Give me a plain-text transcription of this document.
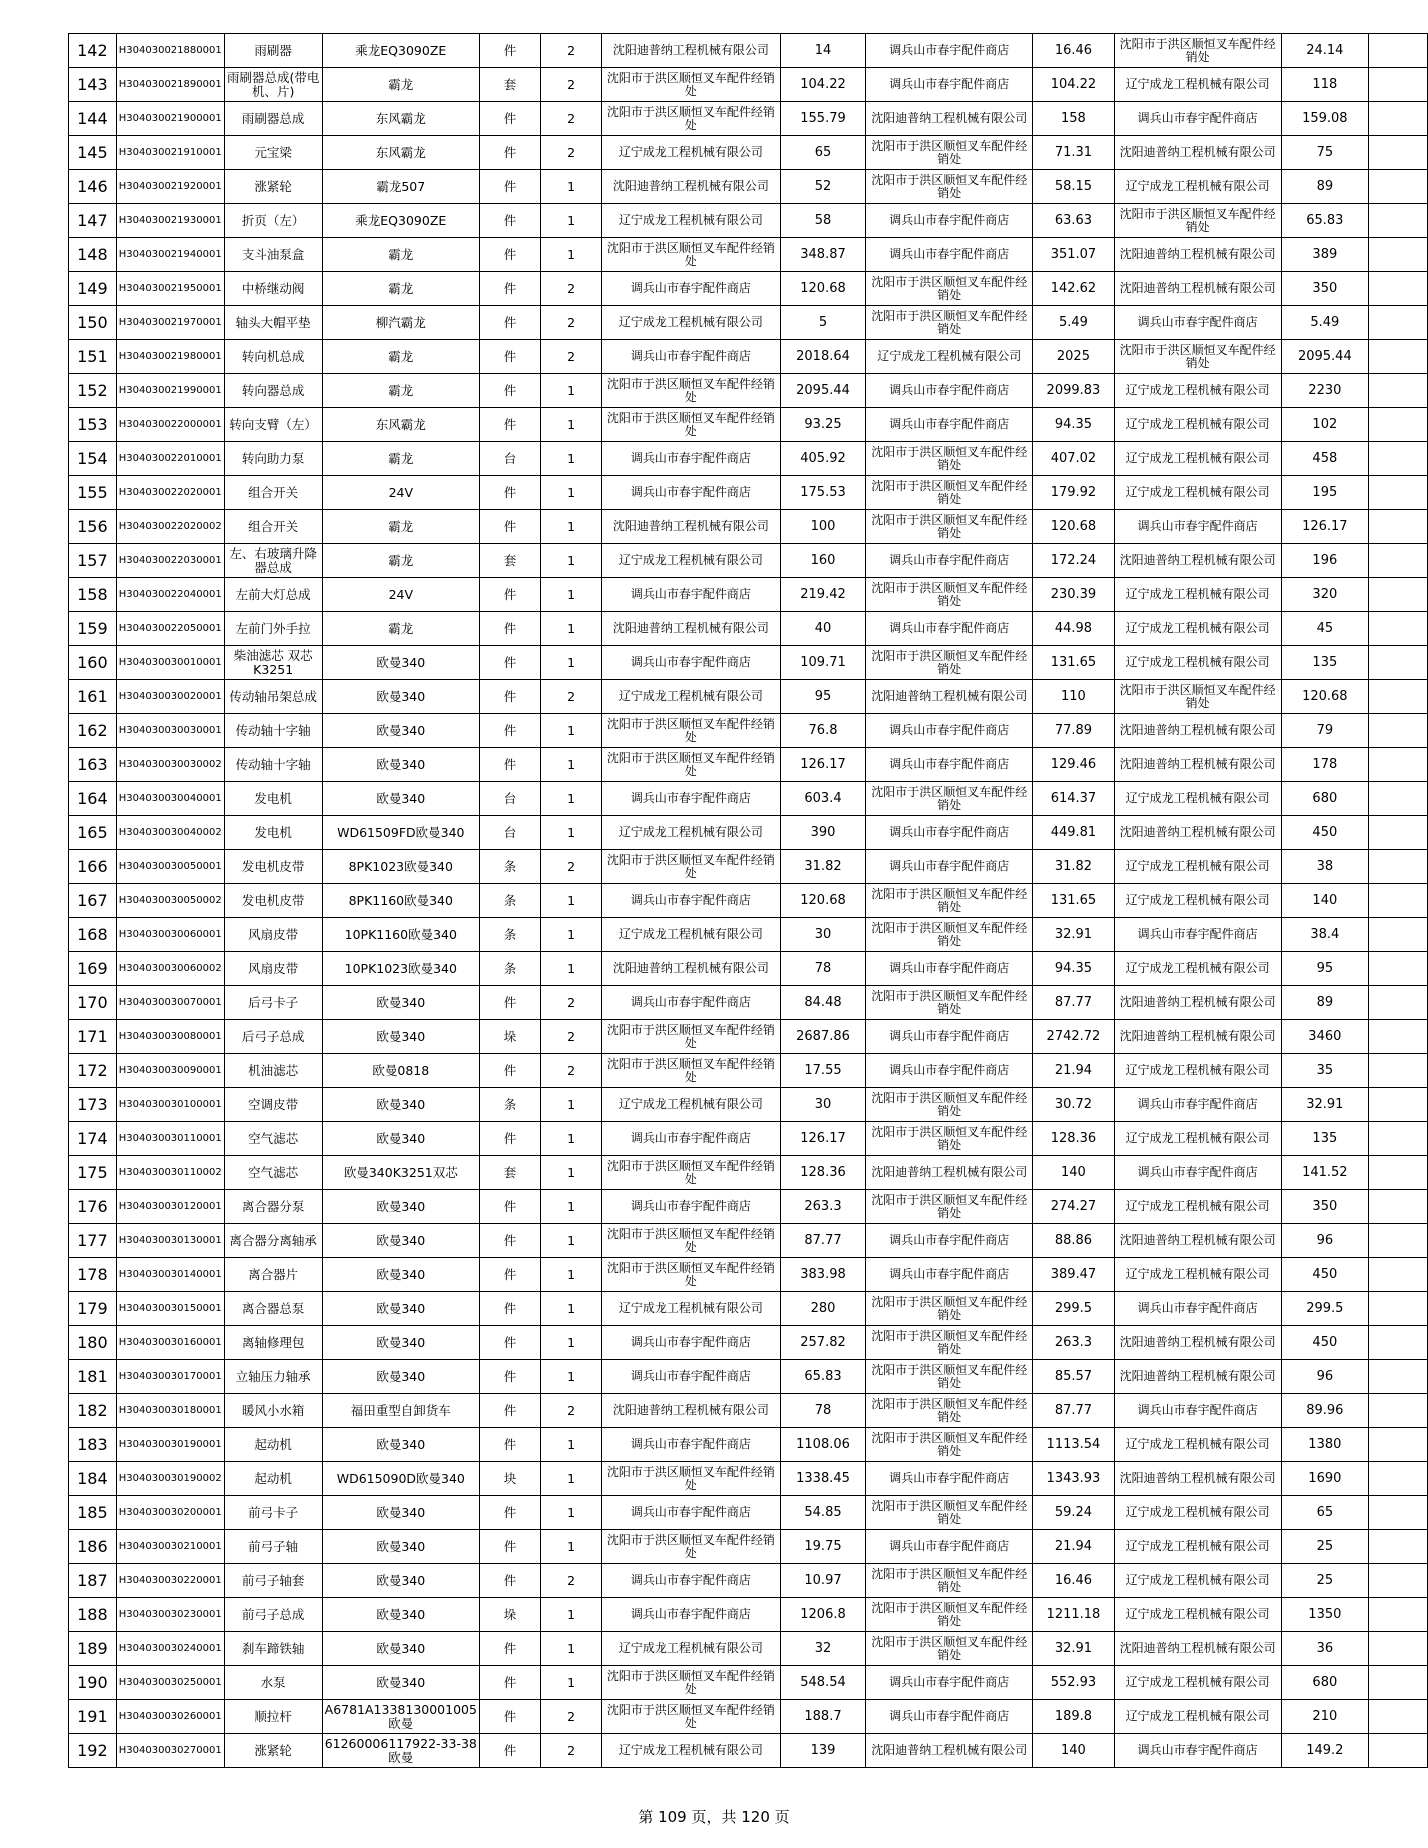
142	H304030021880001	雨刷器	乘龙EQ3090ZE	件	2	沈阳迪普纳工程机械有限公司	14	调兵山市春宇配件商店	16.46	沈阳市于洪区顺恒叉车配件经销处	24.14	
143	H304030021890001	雨刷器总成(带电机、片)	霸龙	套	2	沈阳市于洪区顺恒叉车配件经销处	104.22	调兵山市春宇配件商店	104.22	辽宁成龙工程机械有限公司	118	
144	H304030021900001	雨刷器总成	东风霸龙	件	2	沈阳市于洪区顺恒叉车配件经销处	155.79	沈阳迪普纳工程机械有限公司	158	调兵山市春宇配件商店	159.08	
145	H304030021910001	元宝梁	东风霸龙	件	2	辽宁成龙工程机械有限公司	65	沈阳市于洪区顺恒叉车配件经销处	71.31	沈阳迪普纳工程机械有限公司	75	
146	H304030021920001	涨紧轮	霸龙507	件	1	沈阳迪普纳工程机械有限公司	52	沈阳市于洪区顺恒叉车配件经销处	58.15	辽宁成龙工程机械有限公司	89	
147	H304030021930001	折页（左）	乘龙EQ3090ZE	件	1	辽宁成龙工程机械有限公司	58	调兵山市春宇配件商店	63.63	沈阳市于洪区顺恒叉车配件经销处	65.83	
148	H304030021940001	支斗油泵盒	霸龙	件	1	沈阳市于洪区顺恒叉车配件经销处	348.87	调兵山市春宇配件商店	351.07	沈阳迪普纳工程机械有限公司	389	
149	H304030021950001	中桥继动阀	霸龙	件	2	调兵山市春宇配件商店	120.68	沈阳市于洪区顺恒叉车配件经销处	142.62	沈阳迪普纳工程机械有限公司	350	
150	H304030021970001	轴头大帽平垫	柳汽霸龙	件	2	辽宁成龙工程机械有限公司	5	沈阳市于洪区顺恒叉车配件经销处	5.49	调兵山市春宇配件商店	5.49	
151	H304030021980001	转向机总成	霸龙	件	2	调兵山市春宇配件商店	2018.64	辽宁成龙工程机械有限公司	2025	沈阳市于洪区顺恒叉车配件经销处	2095.44	
152	H304030021990001	转向器总成	霸龙	件	1	沈阳市于洪区顺恒叉车配件经销处	2095.44	调兵山市春宇配件商店	2099.83	辽宁成龙工程机械有限公司	2230	
153	H304030022000001	转向支臂（左）	东风霸龙	件	1	沈阳市于洪区顺恒叉车配件经销处	93.25	调兵山市春宇配件商店	94.35	辽宁成龙工程机械有限公司	102	
154	H304030022010001	转向助力泵	霸龙	台	1	调兵山市春宇配件商店	405.92	沈阳市于洪区顺恒叉车配件经销处	407.02	辽宁成龙工程机械有限公司	458	
155	H304030022020001	组合开关	24V	件	1	调兵山市春宇配件商店	175.53	沈阳市于洪区顺恒叉车配件经销处	179.92	辽宁成龙工程机械有限公司	195	
156	H304030022020002	组合开关	霸龙	件	1	沈阳迪普纳工程机械有限公司	100	沈阳市于洪区顺恒叉车配件经销处	120.68	调兵山市春宇配件商店	126.17	
157	H304030022030001	左、右玻璃升降器总成	霸龙	套	1	辽宁成龙工程机械有限公司	160	调兵山市春宇配件商店	172.24	沈阳迪普纳工程机械有限公司	196	
158	H304030022040001	左前大灯总成	24V	件	1	调兵山市春宇配件商店	219.42	沈阳市于洪区顺恒叉车配件经销处	230.39	辽宁成龙工程机械有限公司	320	
159	H304030022050001	左前门外手拉	霸龙	件	1	沈阳迪普纳工程机械有限公司	40	调兵山市春宇配件商店	44.98	辽宁成龙工程机械有限公司	45	
160	H304030030010001	柴油滤芯 双芯K3251	欧曼340	件	1	调兵山市春宇配件商店	109.71	沈阳市于洪区顺恒叉车配件经销处	131.65	辽宁成龙工程机械有限公司	135	
161	H304030030020001	传动轴吊架总成	欧曼340	件	2	辽宁成龙工程机械有限公司	95	沈阳迪普纳工程机械有限公司	110	沈阳市于洪区顺恒叉车配件经销处	120.68	
162	H304030030030001	传动轴十字轴	欧曼340	件	1	沈阳市于洪区顺恒叉车配件经销处	76.8	调兵山市春宇配件商店	77.89	沈阳迪普纳工程机械有限公司	79	
163	H304030030030002	传动轴十字轴	欧曼340	件	1	沈阳市于洪区顺恒叉车配件经销处	126.17	调兵山市春宇配件商店	129.46	沈阳迪普纳工程机械有限公司	178	
164	H304030030040001	发电机	欧曼340	台	1	调兵山市春宇配件商店	603.4	沈阳市于洪区顺恒叉车配件经销处	614.37	辽宁成龙工程机械有限公司	680	
165	H304030030040002	发电机	WD61509FD欧曼340	台	1	辽宁成龙工程机械有限公司	390	调兵山市春宇配件商店	449.81	沈阳迪普纳工程机械有限公司	450	
166	H304030030050001	发电机皮带	8PK1023欧曼340	条	2	沈阳市于洪区顺恒叉车配件经销处	31.82	调兵山市春宇配件商店	31.82	辽宁成龙工程机械有限公司	38	
167	H304030030050002	发电机皮带	8PK1160欧曼340	条	1	调兵山市春宇配件商店	120.68	沈阳市于洪区顺恒叉车配件经销处	131.65	辽宁成龙工程机械有限公司	140	
168	H304030030060001	风扇皮带	10PK1160欧曼340	条	1	辽宁成龙工程机械有限公司	30	沈阳市于洪区顺恒叉车配件经销处	32.91	调兵山市春宇配件商店	38.4	
169	H304030030060002	风扇皮带	10PK1023欧曼340	条	1	沈阳迪普纳工程机械有限公司	78	调兵山市春宇配件商店	94.35	辽宁成龙工程机械有限公司	95	
170	H304030030070001	后弓卡子	欧曼340	件	2	调兵山市春宇配件商店	84.48	沈阳市于洪区顺恒叉车配件经销处	87.77	沈阳迪普纳工程机械有限公司	89	
171	H304030030080001	后弓子总成	欧曼340	垛	2	沈阳市于洪区顺恒叉车配件经销处	2687.86	调兵山市春宇配件商店	2742.72	沈阳迪普纳工程机械有限公司	3460	
172	H304030030090001	机油滤芯	欧曼0818	件	2	沈阳市于洪区顺恒叉车配件经销处	17.55	调兵山市春宇配件商店	21.94	辽宁成龙工程机械有限公司	35	
173	H304030030100001	空调皮带	欧曼340	条	1	辽宁成龙工程机械有限公司	30	沈阳市于洪区顺恒叉车配件经销处	30.72	调兵山市春宇配件商店	32.91	
174	H304030030110001	空气滤芯	欧曼340	件	1	调兵山市春宇配件商店	126.17	沈阳市于洪区顺恒叉车配件经销处	128.36	辽宁成龙工程机械有限公司	135	
175	H304030030110002	空气滤芯	欧曼340K3251双芯	套	1	沈阳市于洪区顺恒叉车配件经销处	128.36	沈阳迪普纳工程机械有限公司	140	调兵山市春宇配件商店	141.52	
176	H304030030120001	离合器分泵	欧曼340	件	1	调兵山市春宇配件商店	263.3	沈阳市于洪区顺恒叉车配件经销处	274.27	辽宁成龙工程机械有限公司	350	
177	H304030030130001	离合器分离轴承	欧曼340	件	1	沈阳市于洪区顺恒叉车配件经销处	87.77	调兵山市春宇配件商店	88.86	沈阳迪普纳工程机械有限公司	96	
178	H304030030140001	离合器片	欧曼340	件	1	沈阳市于洪区顺恒叉车配件经销处	383.98	调兵山市春宇配件商店	389.47	辽宁成龙工程机械有限公司	450	
179	H304030030150001	离合器总泵	欧曼340	件	1	辽宁成龙工程机械有限公司	280	沈阳市于洪区顺恒叉车配件经销处	299.5	调兵山市春宇配件商店	299.5	
180	H304030030160001	离轴修理包	欧曼340	件	1	调兵山市春宇配件商店	257.82	沈阳市于洪区顺恒叉车配件经销处	263.3	沈阳迪普纳工程机械有限公司	450	
181	H304030030170001	立轴压力轴承	欧曼340	件	1	调兵山市春宇配件商店	65.83	沈阳市于洪区顺恒叉车配件经销处	85.57	沈阳迪普纳工程机械有限公司	96	
182	H304030030180001	暖风小水箱	福田重型自卸货车	件	2	沈阳迪普纳工程机械有限公司	78	沈阳市于洪区顺恒叉车配件经销处	87.77	调兵山市春宇配件商店	89.96	
183	H304030030190001	起动机	欧曼340	件	1	调兵山市春宇配件商店	1108.06	沈阳市于洪区顺恒叉车配件经销处	1113.54	辽宁成龙工程机械有限公司	1380	
184	H304030030190002	起动机	WD615090D欧曼340	块	1	沈阳市于洪区顺恒叉车配件经销处	1338.45	调兵山市春宇配件商店	1343.93	沈阳迪普纳工程机械有限公司	1690	
185	H304030030200001	前弓卡子	欧曼340	件	1	调兵山市春宇配件商店	54.85	沈阳市于洪区顺恒叉车配件经销处	59.24	辽宁成龙工程机械有限公司	65	
186	H304030030210001	前弓子轴	欧曼340	件	1	沈阳市于洪区顺恒叉车配件经销处	19.75	调兵山市春宇配件商店	21.94	辽宁成龙工程机械有限公司	25	
187	H304030030220001	前弓子轴套	欧曼340	件	2	调兵山市春宇配件商店	10.97	沈阳市于洪区顺恒叉车配件经销处	16.46	辽宁成龙工程机械有限公司	25	
188	H304030030230001	前弓子总成	欧曼340	垛	1	调兵山市春宇配件商店	1206.8	沈阳市于洪区顺恒叉车配件经销处	1211.18	辽宁成龙工程机械有限公司	1350	
189	H304030030240001	刹车蹄铁轴	欧曼340	件	1	辽宁成龙工程机械有限公司	32	沈阳市于洪区顺恒叉车配件经销处	32.91	沈阳迪普纳工程机械有限公司	36	
190	H304030030250001	水泵	欧曼340	件	1	沈阳市于洪区顺恒叉车配件经销处	548.54	调兵山市春宇配件商店	552.93	辽宁成龙工程机械有限公司	680	
191	H304030030260001	顺拉杆	A6781A1338130001005欧曼	件	2	沈阳市于洪区顺恒叉车配件经销处	188.7	调兵山市春宇配件商店	189.8	辽宁成龙工程机械有限公司	210	
192	H304030030270001	涨紧轮	61260006117922-33-38欧曼	件	2	辽宁成龙工程机械有限公司	139	沈阳迪普纳工程机械有限公司	140	调兵山市春宇配件商店	149.2	
第 109 页，共 120 页
